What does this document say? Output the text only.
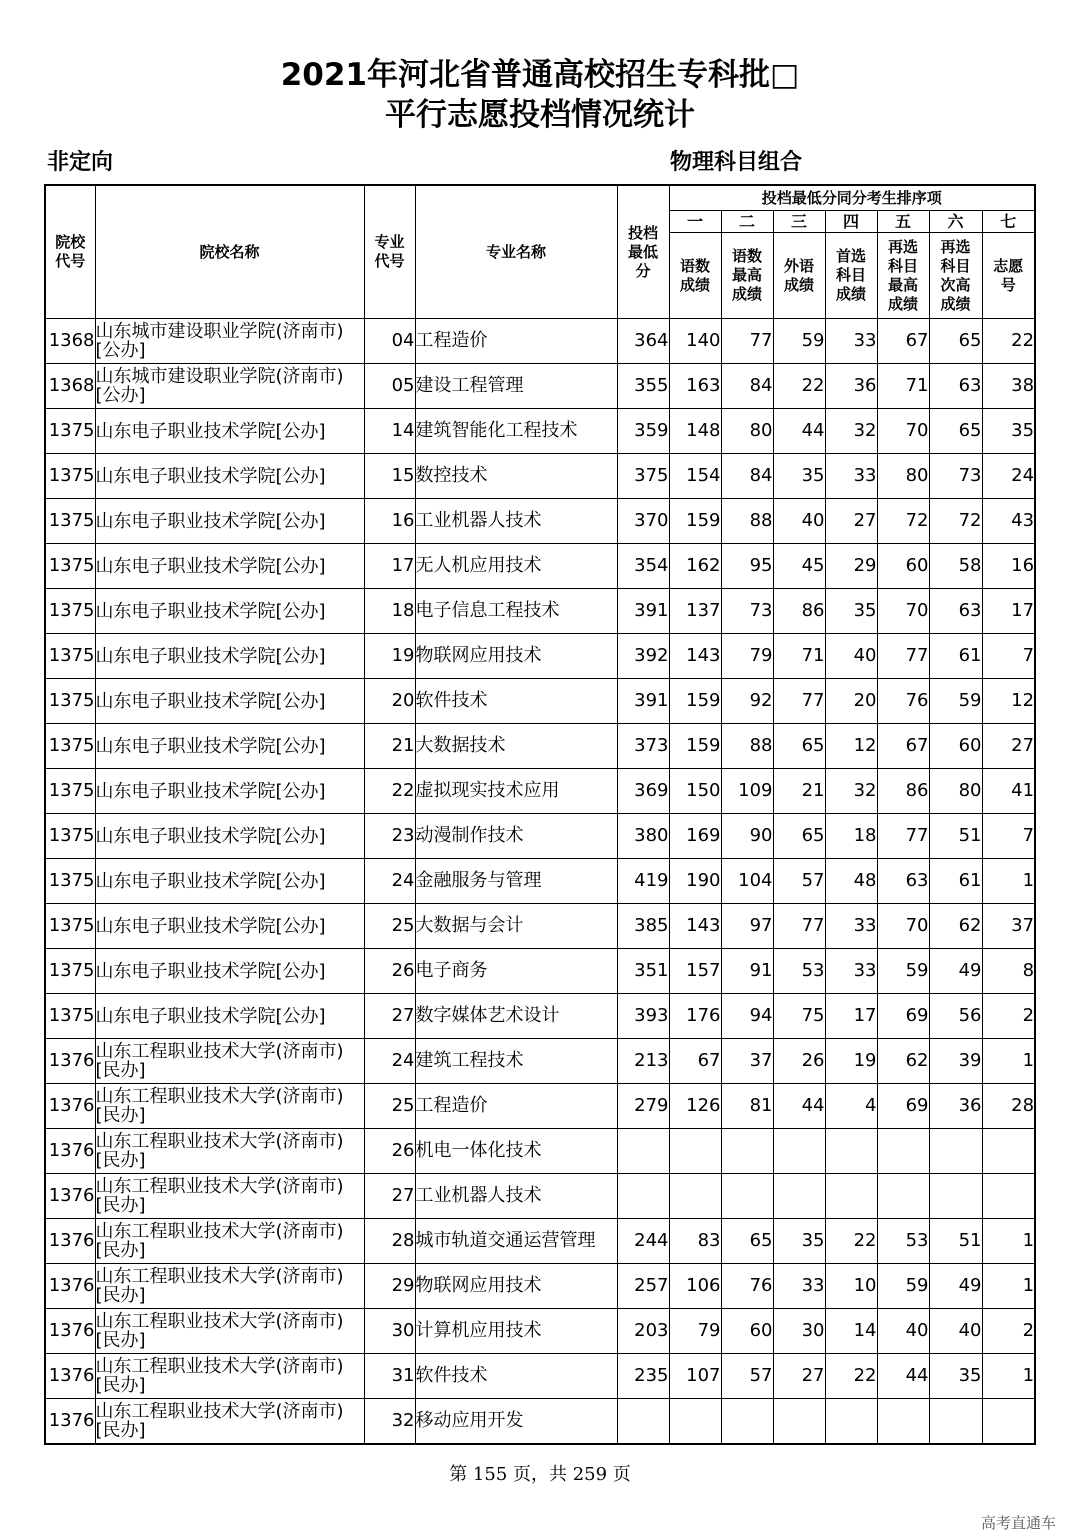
2021年河北省普通高校招生专科批□
平行志愿投档情况统计
非定向	物理科目组合
院校代号	院校名称	专业代号	专业名称	投档最低分	投档最低分同分考生排序项						
					一	二	三	四	五	六	七

					语数成绩	语数最高成绩	外语成绩	首选科目成绩	再选科目最高成绩	再选科目次高成绩	志愿号

1368	山东城市建设职业学院(济南市)[公办]	04	工程造价	364	140	77	59	33	67	65	22
1368	山东城市建设职业学院(济南市)[公办]	05	建设工程管理	355	163	84	22	36	71	63	38
1375	山东电子职业技术学院[公办]	14	建筑智能化工程技术	359	148	80	44	32	70	65	35
1375	山东电子职业技术学院[公办]	15	数控技术	375	154	84	35	33	80	73	24
1375	山东电子职业技术学院[公办]	16	工业机器人技术	370	159	88	40	27	72	72	43
1375	山东电子职业技术学院[公办]	17	无人机应用技术	354	162	95	45	29	60	58	16
1375	山东电子职业技术学院[公办]	18	电子信息工程技术	391	137	73	86	35	70	63	17
1375	山东电子职业技术学院[公办]	19	物联网应用技术	392	143	79	71	40	77	61	7
1375	山东电子职业技术学院[公办]	20	软件技术	391	159	92	77	20	76	59	12
1375	山东电子职业技术学院[公办]	21	大数据技术	373	159	88	65	12	67	60	27
1375	山东电子职业技术学院[公办]	22	虚拟现实技术应用	369	150	109	21	32	86	80	41
1375	山东电子职业技术学院[公办]	23	动漫制作技术	380	169	90	65	18	77	51	7
1375	山东电子职业技术学院[公办]	24	金融服务与管理	419	190	104	57	48	63	61	1
1375	山东电子职业技术学院[公办]	25	大数据与会计	385	143	97	77	33	70	62	37
1375	山东电子职业技术学院[公办]	26	电子商务	351	157	91	53	33	59	49	8
1375	山东电子职业技术学院[公办]	27	数字媒体艺术设计	393	176	94	75	17	69	56	2
1376	山东工程职业技术大学(济南市)[民办]	24	建筑工程技术	213	67	37	26	19	62	39	1
1376	山东工程职业技术大学(济南市)[民办]	25	工程造价	279	126	81	44	4	69	36	28
1376	山东工程职业技术大学(济南市)[民办]	26	机电一体化技术								
1376	山东工程职业技术大学(济南市)[民办]	27	工业机器人技术								
1376	山东工程职业技术大学(济南市)[民办]	28	城市轨道交通运营管理	244	83	65	35	22	53	51	1
1376	山东工程职业技术大学(济南市)[民办]	29	物联网应用技术	257	106	76	33	10	59	49	1
1376	山东工程职业技术大学(济南市)[民办]	30	计算机应用技术	203	79	60	30	14	40	40	2
1376	山东工程职业技术大学(济南市)[民办]	31	软件技术	235	107	57	27	22	44	35	1
1376	山东工程职业技术大学(济南市)[民办]	32	移动应用开发								
第 155 页，共 259 页
高考直通车
